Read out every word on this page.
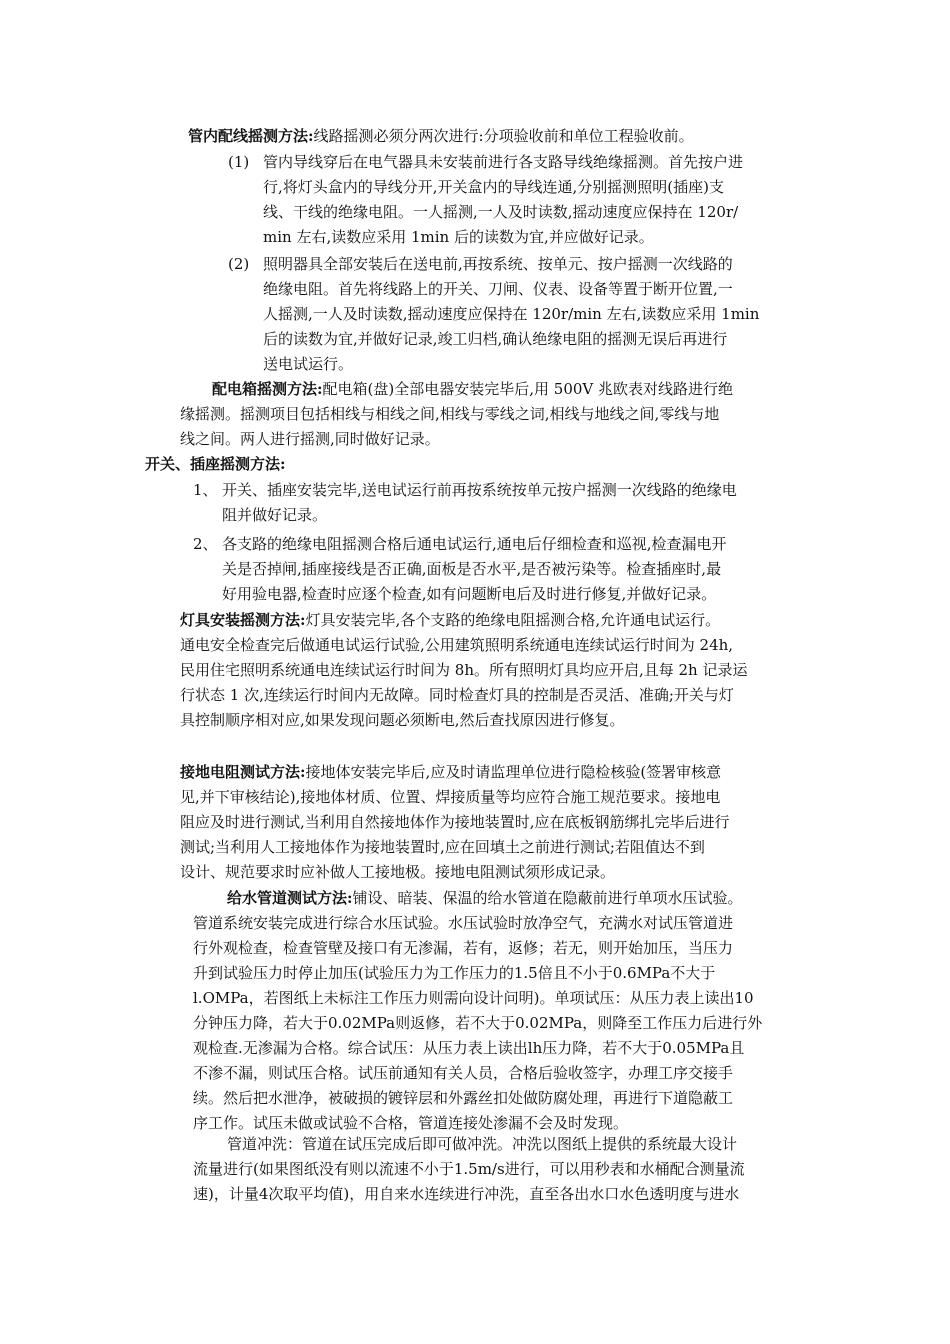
管内配线摇测方法:线路摇测必须分两次进行:分项验收前和单位工程验收前。
(1) 管内导线穿后在电气器具未安装前进行各支路导线绝缘摇测。首先按户进
行,将灯头盒内的导线分开,开关盒内的导线连通,分别摇测照明(插座)支
线、干线的绝缘电阻。一人摇测,一人及时读数,摇动速度应保持在 120r/
min 左右,读数应采用 1min 后的读数为宜,并应做好记录。
(2) 照明器具全部安装后在送电前,再按系统、按单元、按户摇测一次线路的
绝缘电阻。首先将线路上的开关、刀闸、仪表、设备等置于断开位置,一
人摇测,一人及时读数,摇动速度应保持在 120r/min 左右,读数应采用 1min
后的读数为宜,并做好记录,竣工归档,确认绝缘电阻的摇测无误后再进行
送电试运行。
配电箱摇测方法:配电箱(盘)全部电器安装完毕后,用 500V 兆欧表对线路进行绝
缘摇测。摇测项目包括相线与相线之间,相线与零线之词,相线与地线之间,零线与地
线之间。两人进行摇测,同时做好记录。
开关、插座摇测方法:
1、 开关、插座安装完毕,送电试运行前再按系统按单元按户摇测一次线路的绝缘电
阻并做好记录。
2、 各支路的绝缘电阻摇测合格后通电试运行,通电后仔细检查和巡视,检查漏电开
关是否掉闸,插座接线是否正确,面板是否水平,是否被污染等。检查插座时,最
好用验电器,检查时应逐个检查,如有问题断电后及时进行修复,并做好记录。
灯具安装摇测方法:灯具安装完毕,各个支路的绝缘电阻摇测合格,允许通电试运行。
通电安全检查完后做通电试运行试验,公用建筑照明系统通电连续试运行时间为 24h,
民用住宅照明系统通电连续试运行时间为 8h。所有照明灯具均应开启,且每 2h 记录运
行状态 1 次,连续运行时间内无故障。同时检查灯具的控制是否灵活、准确;开关与灯
具控制顺序相对应,如果发现问题必须断电,然后查找原因进行修复。
接地电阻测试方法:接地体安装完毕后,应及时请监理单位进行隐检核验(签署审核意
见,并下审核结论),接地体材质、位置、焊接质量等均应符合施工规范要求。接地电
阻应及时进行测试,当利用自然接地体作为接地装置时,应在底板钢筋绑扎完毕后进行
测试;当利用人工接地体作为接地装置时,应在回填土之前进行测试;若阻值达不到
设计、规范要求时应补做人工接地极。接地电阻测试须形成记录。
给水管道测试方法:铺设、暗装、保温的给水管道在隐蔽前进行单项水压试验。
管道系统安装完成进行综合水压试验。水压试验时放净空气，充满水对试压管道进
行外观检查，检查管壁及接口有无渗漏，若有，返修；若无，则开始加压，当压力
升到试验压力时停止加压(试验压力为工作压力的1.5倍且不小于0.6MPa不大于
l.OMPa，若图纸上未标注工作压力则需向设计问明)。单项试压：从压力表上读出10
分钟压力降，若大于0.02MPa则返修，若不大于0.02MPa，则降至工作压力后进行外
观检查.无渗漏为合格。综合试压：从压力表上读出lh压力降，若不大于0.05MPa且
不渗不漏，则试压合格。试压前通知有关人员，合格后验收签字，办理工序交接手
续。然后把水泄净，被破损的镀锌层和外露丝扣处做防腐处理，再进行下道隐蔽工
序工作。试压未做或试验不合格，管道连接处渗漏不会及时发现。
管道冲洗：管道在试压完成后即可做冲洗。冲洗以图纸上提供的系统最大设计
流量进行(如果图纸没有则以流速不小于1.5m/s进行，可以用秒表和水桶配合测量流
速)，计量4次取平均值)，用自来水连续进行冲洗，直至各出水口水色透明度与进水
